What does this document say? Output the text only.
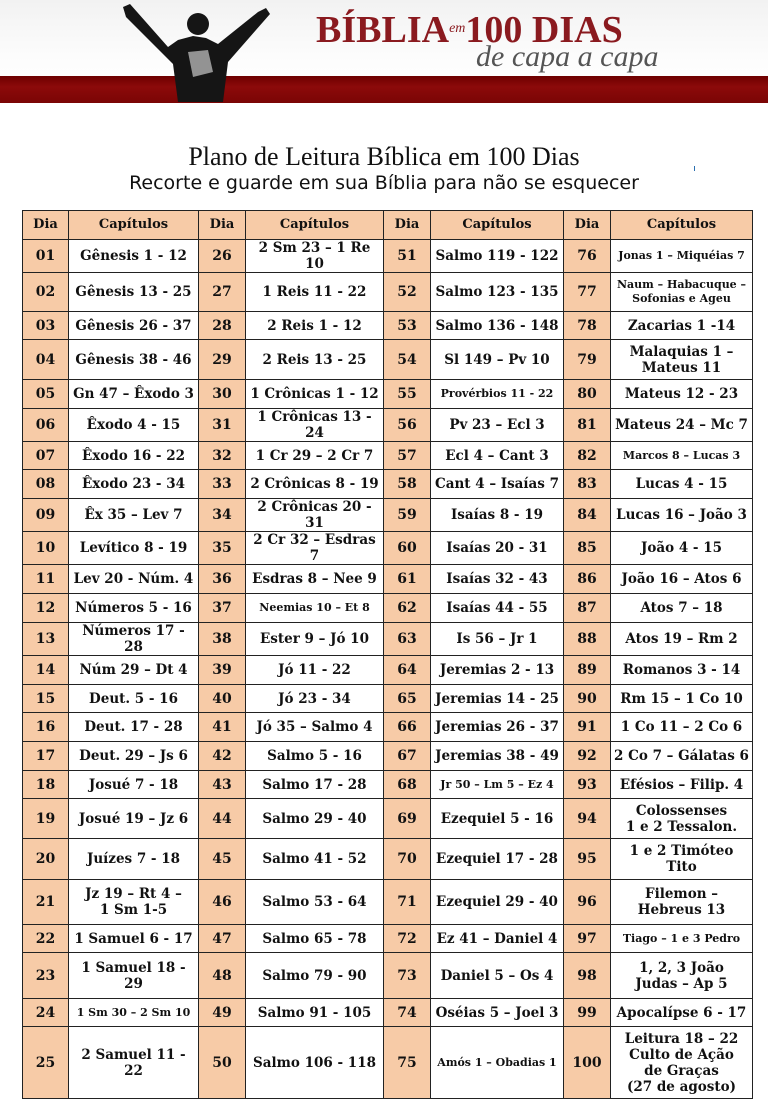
$BÍBLIA^{em}100$ DIAS
de capa a capa
Plano de Leitura Bíblica em 100 Dias
Recorte e guarde em sua Bíblia para não se esquecer
Dia	Capítulos	Dia	Capítulos	Dia	Capítulos	Dia	Capítulos
01	Gênesis 1 - 12	26	2 Sm 23 – 1 Re 10	51	Salmo 119 - 122	76	Jonas 1 – Miquéias 7
02	Gênesis 13 - 25	27	1 Reis 11 - 22	52	Salmo 123 - 135	77	Naum – Habacuque –
Sofonias e Ageu
03	Gênesis 26 - 37	28	2 Reis 1 - 12	53	Salmo 136 - 148	78	Zacarias 1 -14
04	Gênesis 38 - 46	29	2 Reis 13 - 25	54	Sl 149 – Pv 10	79	Malaquias 1 –
Mateus 11
05	Gn 47 – Êxodo 3	30	1 Crônicas 1 - 12	55	Provérbios 11 - 22	80	Mateus 12 - 23
06	Êxodo 4 - 15	31	1 Crônicas 13 - 24	56	Pv 23 – Ecl 3	81	Mateus 24 – Mc 7
07	Êxodo 16 - 22	32	1 Cr 29 – 2 Cr 7	57	Ecl 4 – Cant 3	82	Marcos 8 – Lucas 3
08	Êxodo 23 - 34	33	2 Crônicas 8 - 19	58	Cant 4 – Isaías 7	83	Lucas 4 - 15
09	Êx 35 – Lev 7	34	2 Crônicas 20 - 31	59	Isaías 8 - 19	84	Lucas 16 – João 3
10	Levítico 8 - 19	35	2 Cr 32 – Esdras 7	60	Isaías 20 - 31	85	João 4 - 15
11	Lev 20 - Núm. 4	36	Esdras 8 – Nee 9	61	Isaías 32 - 43	86	João 16 – Atos 6
12	Números 5 - 16	37	Neemias 10 – Et 8	62	Isaías 44 - 55	87	Atos 7 – 18
13	Números 17 - 28	38	Ester 9 – Jó 10	63	Is 56 – Jr 1	88	Atos 19 – Rm 2
14	Núm 29 – Dt 4	39	Jó 11 - 22	64	Jeremias 2 - 13	89	Romanos 3 - 14
15	Deut. 5 - 16	40	Jó 23 - 34	65	Jeremias 14 - 25	90	Rm 15 – 1 Co 10
16	Deut. 17 - 28	41	Jó 35 – Salmo 4	66	Jeremias 26 - 37	91	1 Co 11 – 2 Co 6
17	Deut. 29 – Js 6	42	Salmo 5 - 16	67	Jeremias 38 - 49	92	2 Co 7 – Gálatas 6
18	Josué 7 - 18	43	Salmo 17 - 28	68	Jr 50 – Lm 5 – Ez 4	93	Efésios – Filip. 4
19	Josué 19 – Jz 6	44	Salmo 29 - 40	69	Ezequiel 5 - 16	94	Colossenses
1 e 2 Tessalon.
20	Juízes 7 - 18	45	Salmo 41 - 52	70	Ezequiel 17 - 28	95	1 e 2 Timóteo
Tito
21	Jz 19 – Rt 4 –
1 Sm 1-5	46	Salmo 53 - 64	71	Ezequiel 29 - 40	96	Filemon –
Hebreus 13
22	1 Samuel 6 - 17	47	Salmo 65 - 78	72	Ez 41 – Daniel 4	97	Tiago – 1 e 3 Pedro
23	1 Samuel 18 - 29	48	Salmo 79 - 90	73	Daniel 5 – Os 4	98	1, 2, 3 João
Judas – Ap 5
24	1 Sm 30 – 2 Sm 10	49	Salmo 91 - 105	74	Oséias 5 – Joel 3	99	Apocalípse 6 - 17
25	2 Samuel 11 - 22	50	Salmo 106 - 118	75	Amós 1 – Obadias 1	100	Leitura 18 – 22
Culto de Ação
de Graças
(27 de agosto)
